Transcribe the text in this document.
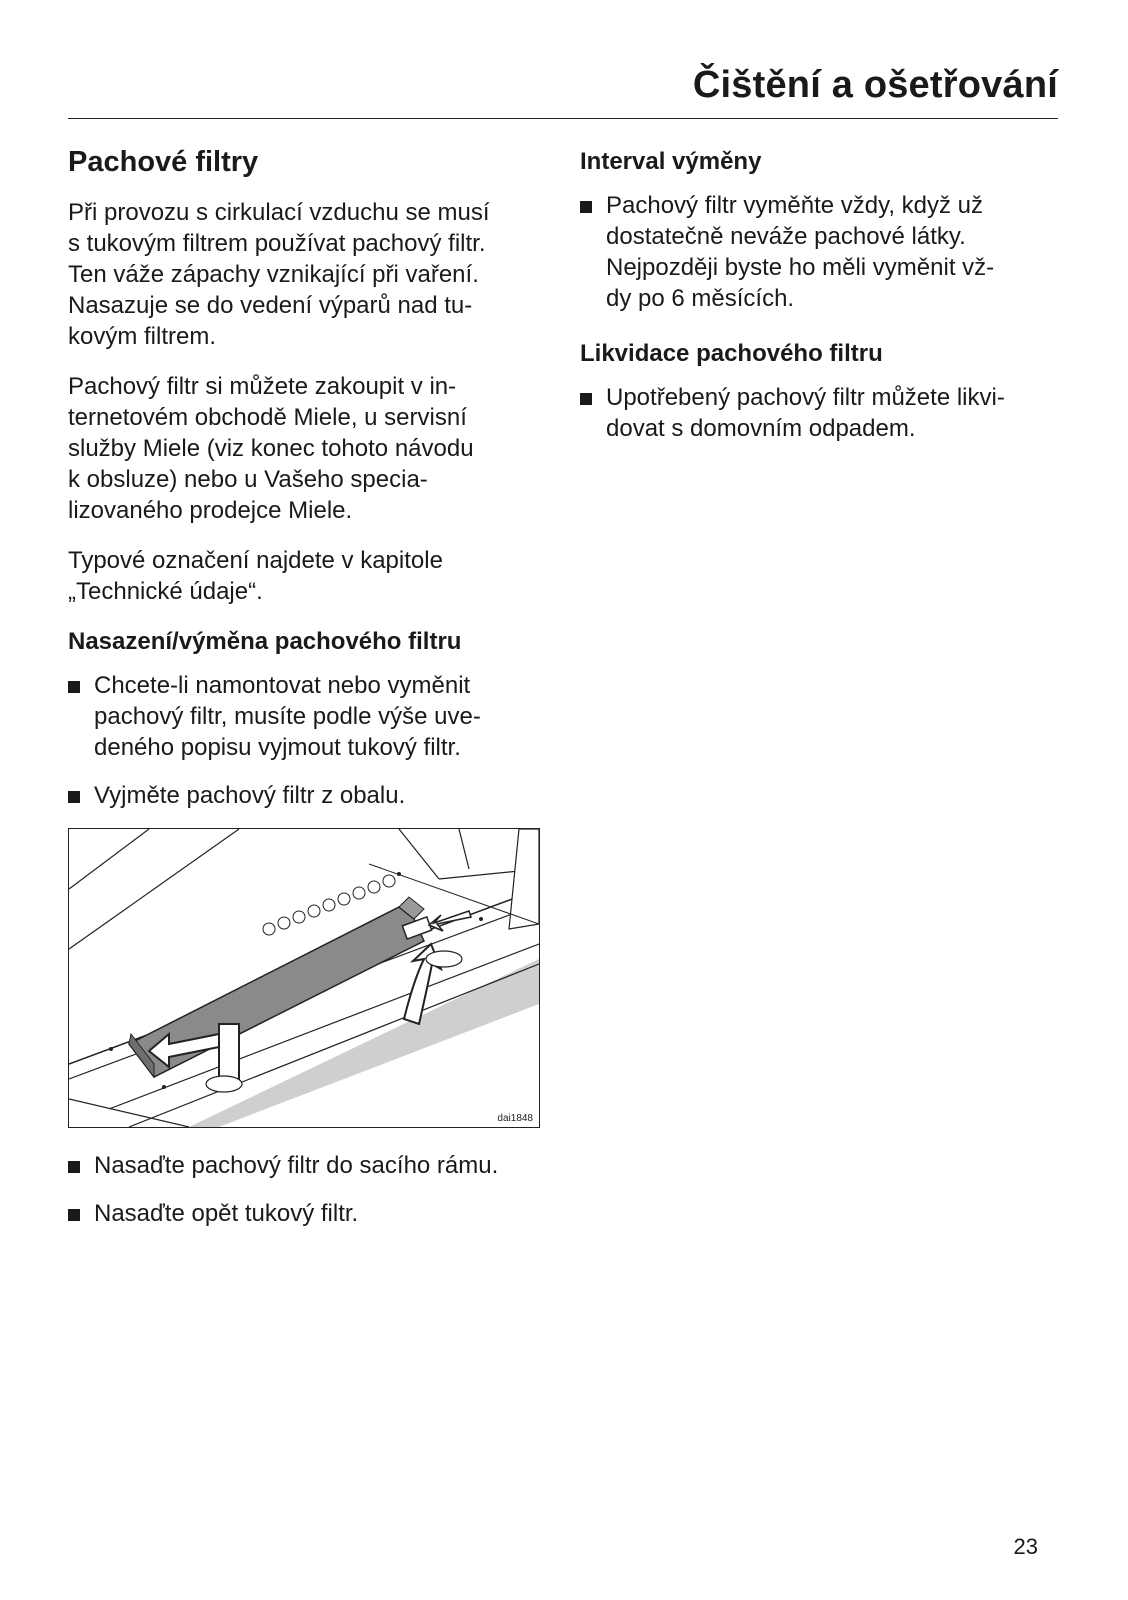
Čištění a ošetřování
Pachové filtry
Při provozu s cirkulací vzduchu se musí
s tukovým filtrem používat pachový filtr.
Ten váže zápachy vznikající při vaření.
Nasazuje se do vedení výparů nad tu-
kovým filtrem.
Pachový filtr si můžete zakoupit v in-
ternetovém obchodě Miele, u servisní
služby Miele (viz konec tohoto návodu
k obsluze) nebo u Vašeho specia-
lizovaného prodejce Miele.
Typové označení najdete v kapitole
„Technické údaje“.
Nasazení/výměna pachového filtru
Chcete-li namontovat nebo vyměnit
pachový filtr, musíte podle výše uve-
deného popisu vyjmout tukový filtr.
Vyjměte pachový filtr z obalu.
dai1848
Nasaďte pachový filtr do sacího rámu.
Nasaďte opět tukový filtr.
Interval výměny
Pachový filtr vyměňte vždy, když už
dostatečně neváže pachové látky.
Nejpozději byste ho měli vyměnit vž-
dy po 6 měsících.
Likvidace pachového filtru
Upotřebený pachový filtr můžete likvi-
dovat s domovním odpadem.
23
